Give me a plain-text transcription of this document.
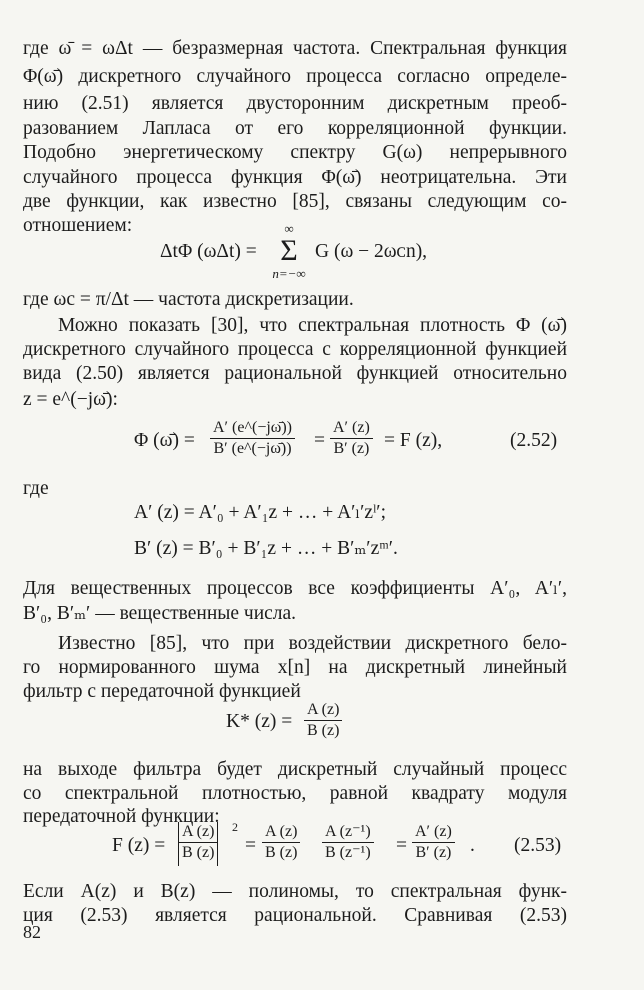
где ω̄ = ωΔt — безразмерная частота. Спектральная функция
Φ(ω̄) дискретного случайного процесса согласно определе-
нию (2.51) является двусторонним дискретным преоб-
разованием Лапласа от его корреляционной функции.
Подобно энергетическому спектру G(ω) непрерывного
случайного процесса функция Φ(ω̄) неотрицательна. Эти
две функции, как известно [85], связаны следующим со-
отношением:
ΔtΦ (ωΔt) =
∞
Σ
n=−∞
G (ω − 2ωᴄn),
где ωc = π/Δt — частота дискретизации.
Можно показать [30], что спектральная плотность Φ (ω̄)
дискретного случайного процесса с корреляционной функцией
вида (2.50) является рациональной функцией относительно
z = e^(−jω̄):
Φ (ω̄) = $\frac{A' (e\^{}(-j\omegā))}{B' (e\^{}(-j\omegā))} = \frac{A' (z)}{B' (z)} = F$ (z),	(2.52)
где
A′ (z) = A′₀ + A′₁z + … + A′ₗ′zˡ′;
B′ (z) = B′₀ + B′₁z + … + B′ₘ′zᵐ′.
Для вещественных процессов все коэффициенты A′₀, A′ₗ′,
B′₀, B′ₘ′ — вещественные числа.
Известно [85], что при воздействии дискретного бело-
го нормированного шума x[n] на дискретный линейный
фильтр с передаточной функцией
K* $(z) = \frac{A (z)}{B (z)}$
на выходе фильтра будет дискретный случайный процесс
со спектральной плотностью, равной квадрату модуля
передаточной функции:
F $(z) = \frac{A (z)}{B (z)} 2$
= $\frac{A (z)}{B (z)} \frac{\text{A (z⁻¹)}}{\text{B (z⁻¹)}} = \frac{A' (z)}{B' (z)}$ . (2.53)
Если A(z) и B(z) — полиномы, то спектральная функ-
ция (2.53) является рациональной. Сравнивая (2.53)
82
